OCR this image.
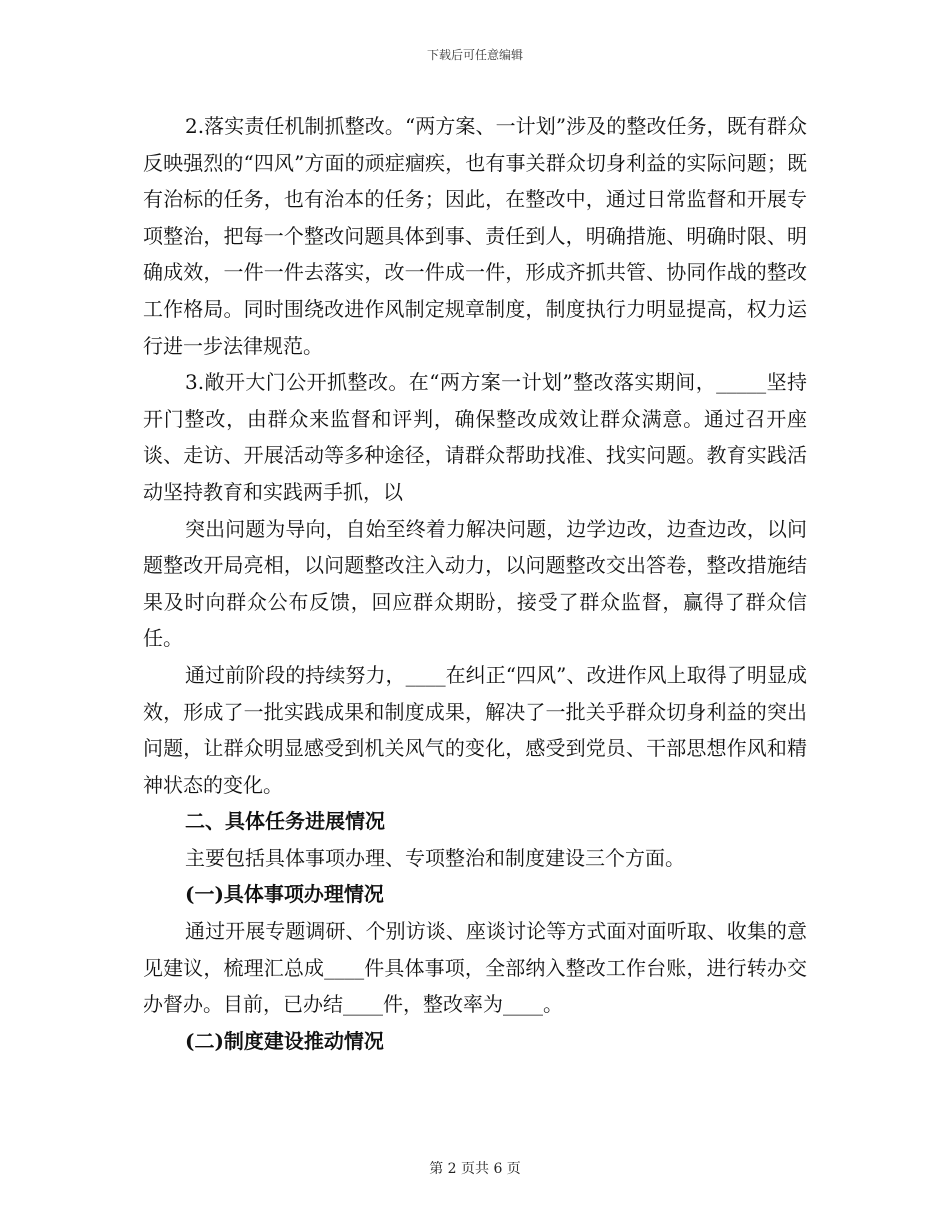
下载后可任意编辑

2.落实责任机制抓整改。“两方案、一计划”涉及的整改任务，既有群众反映强烈的“四风”方面的顽症痼疾，也有事关群众切身利益的实际问题；既有治标的任务，也有治本的任务；因此，在整改中，通过日常监督和开展专项整治，把每一个整改问题具体到事、责任到人，明确措施、明确时限、明确成效，一件一件去落实，改一件成一件，形成齐抓共管、协同作战的整改工作格局。同时围绕改进作风制定规章制度，制度执行力明显提高，权力运行进一步法律规范。

3.敞开大门公开抓整改。在“两方案一计划”整改落实期间，_____坚持开门整改，由群众来监督和评判，确保整改成效让群众满意。通过召开座谈、走访、开展活动等多种途径，请群众帮助找准、找实问题。教育实践活动坚持教育和实践两手抓，以

突出问题为导向，自始至终着力解决问题，边学边改，边查边改，以问题整改开局亮相，以问题整改注入动力，以问题整改交出答卷，整改措施结果及时向群众公布反馈，回应群众期盼，接受了群众监督，赢得了群众信任。

通过前阶段的持续努力，____在纠正“四风”、改进作风上取得了明显成效，形成了一批实践成果和制度成果，解决了一批关乎群众切身利益的突出问题，让群众明显感受到机关风气的变化，感受到党员、干部思想作风和精神状态的变化。

二、具体任务进展情况

主要包括具体事项办理、专项整治和制度建设三个方面。

(一)具体事项办理情况

通过开展专题调研、个别访谈、座谈讨论等方式面对面听取、收集的意见建议，梳理汇总成____件具体事项，全部纳入整改工作台账，进行转办交办督办。目前，已办结____件，整改率为____。

(二)制度建设推动情况

第 2 页共 6 页
